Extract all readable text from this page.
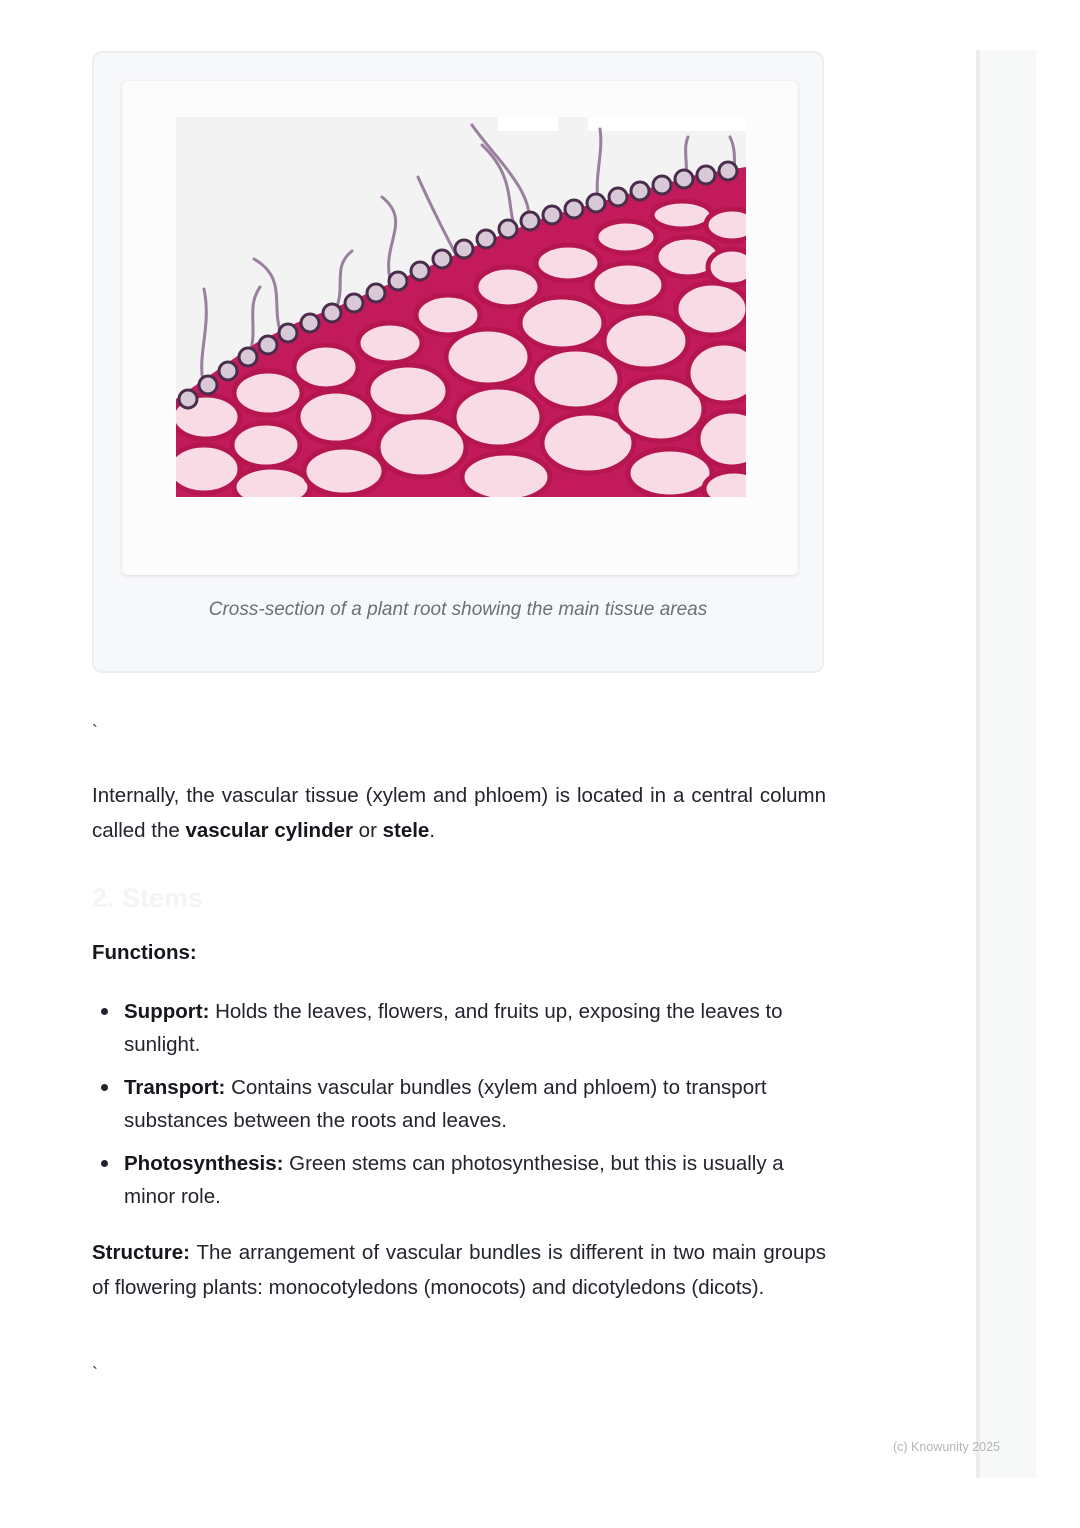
Cross-section of a plant root showing the main tissue areas
`

Internally, the vascular tissue (xylem and phloem) is located in a central column called the vascular cylinder or stele.

2. Stems
Functions:
Support: Holds the leaves, flowers, and fruits up, exposing the leaves to sunlight.
Transport: Contains vascular bundles (xylem and phloem) to transport substances between the roots and leaves.
Photosynthesis: Green stems can photosynthesise, but this is usually a minor role.

Structure: The arrangement of vascular bundles is different in two main groups of flowering plants: monocotyledons (monocots) and dicotyledons (dicots).

`
(c) Knowunity 2025
